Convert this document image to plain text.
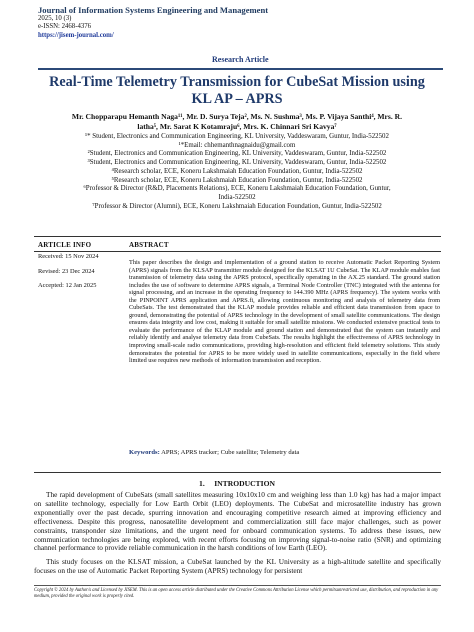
Journal of Information Systems Engineering and Management
2025, 10 (3)
e-ISSN: 2468-4376
https://jisem-journal.com/
Research Article
Real-Time Telemetry Transmission for CubeSat Mission using
KL AP – APRS
Mr. Chopparapu Hemanth Naga¹¹, Mr. D. Surya Teja², Ms. N. Sushma³, Ms. P. Vijaya Santhi⁴, Mrs. R.
latha⁵, Mr. Sarat K Kotamraju⁶, Mrs. K. Chinnari Sri Kavya⁷
¹* Student, Electronics and Communication Engineering, KL University, Vaddeswaram, Guntur, India-522502
¹*Email: chhemanthnagnaidu@gmail.com
²Student, Electronics and Communication Engineering, KL University, Vaddeswaram, Guntur, India-522502
³Student, Electronics and Communication Engineering, KL University, Vaddeswaram, Guntur, India-522502
⁴Research scholar, ECE, Koneru Lakshmaiah Education Foundation, Guntur, India-522502
⁵Research scholar, ECE, Koneru Lakshmaiah Education Foundation, Guntur, India-522502
⁶Professor & Director (R&D, Placements Relations), ECE, Koneru Lakshmaiah Education Foundation, Guntur,
India-522502
⁷Professor & Director (Alumni), ECE, Koneru Lakshmaiah Education Foundation, Guntur, India-522502
ARTICLE INFO	ABSTRACT
Received: 15 Nov 2024
Revised: 23 Dec 2024
Accepted: 12 Jan 2025
This paper describes the design and implementation of a ground station to receive Automatic Packet Reporting System (APRS) signals from the KLSAP transmitter module designed for the KLSAT 1U CubeSat. The KLAP module enables fast transmission of telemetry data using the APRS protocol, specifically operating in the AX.25 standard. The ground station includes the use of software to determine APRS signals, a Terminal Node Controller (TNC) integrated with the antenna for signal processing, and an increase in the operating frequency to 144.390 MHz (APRS frequency). The system works with the PINPOINT APRS application and APRS.fi, allowing continuous monitoring and analysis of telemetry data from CubeSats. The test demonstrated that the KLAP module provides reliable and efficient data transmission from space to ground, demonstrating the potential of APRS technology in the development of small satellite communications. The design ensures data integrity and low cost, making it suitable for small satellite missions. We conducted extensive practical tests to evaluate the performance of the KLAP module and ground station and demonstrated that the system can instantly and reliably identify and analyse telemetry data from CubeSats. The results highlight the effectiveness of APRS technology in improving small-scale radio communications, providing high-resolution and efficient field telemetry solutions. This study demonstrates the potential for APRS to be more widely used in satellite communications, especially in the field where limited use requires new methods of information transmission and reception.
Keywords: APRS; APRS tracker; Cube satellite; Telemetry data
1.     INTRODUCTION
The rapid development of CubeSats (small satellites measuring 10x10x10 cm and weighing less than 1.0 kg) has had a major impact on satellite technology, especially for Low Earth Orbit (LEO) deployments. The CubeSat and microsatellite industry has grown exponentially over the past decade, spurring innovation and encouraging competitive research aimed at improving efficiency and effectiveness. Despite this progress, nanosatellite development and commercialization still face major challenges, such as power constraints, transponder size limitations, and the urgent need for onboard communication systems. To address these issues, new communication technologies are being explored, with recent efforts focusing on improving signal-to-noise ratio (SNR) and optimizing channel performance to provide reliable communication in the harsh conditions of low Earth (LEO).
This study focuses on the KLSAT mission, a CubeSat launched by the KL University as a high-altitude satellite and specifically focuses on the use of Automatic Packet Reporting System (APRS) technology for persistent
Copyright © 2024 by Author/s and Licensed by JISEM. This is an open access article distributed under the Creative Commons Attribution License which permitsunrestricted use, distribution, and reproduction in any medium, provided the original work is properly cited.
